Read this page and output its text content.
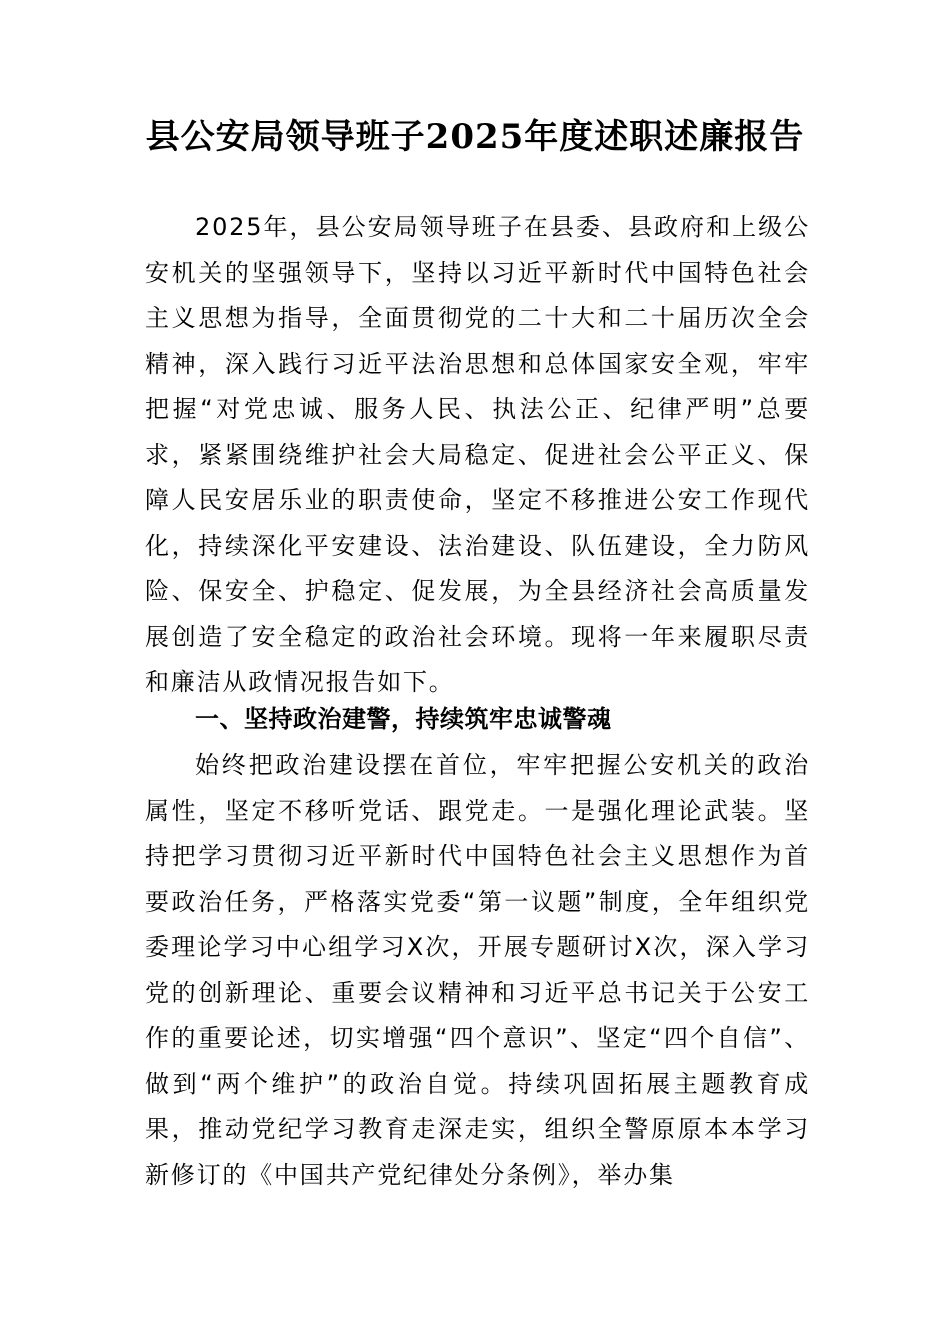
县公安局领导班子2025年度述职述廉报告

2025年，县公安局领导班子在县委、县政府和上级公安机关的坚强领导下，坚持以习近平新时代中国特色社会主义思想为指导，全面贯彻党的二十大和二十届历次全会精神，深入践行习近平法治思想和总体国家安全观，牢牢把握“对党忠诚、服务人民、执法公正、纪律严明”总要求，紧紧围绕维护社会大局稳定、促进社会公平正义、保障人民安居乐业的职责使命，坚定不移推进公安工作现代化，持续深化平安建设、法治建设、队伍建设，全力防风险、保安全、护稳定、促发展，为全县经济社会高质量发展创造了安全稳定的政治社会环境。现将一年来履职尽责和廉洁从政情况报告如下。

一、坚持政治建警，持续筑牢忠诚警魂

始终把政治建设摆在首位，牢牢把握公安机关的政治属性，坚定不移听党话、跟党走。一是强化理论武装。坚持把学习贯彻习近平新时代中国特色社会主义思想作为首要政治任务，严格落实党委“第一议题”制度，全年组织党委理论学习中心组学习X次，开展专题研讨X次，深入学习党的创新理论、重要会议精神和习近平总书记关于公安工作的重要论述，切实增强“四个意识”、坚定“四个自信”、做到“两个维护”的政治自觉。持续巩固拓展主题教育成果，推动党纪学习教育走深走实，组织全警原原本本学习新修订的《中国共产党纪律处分条例》，举办集
